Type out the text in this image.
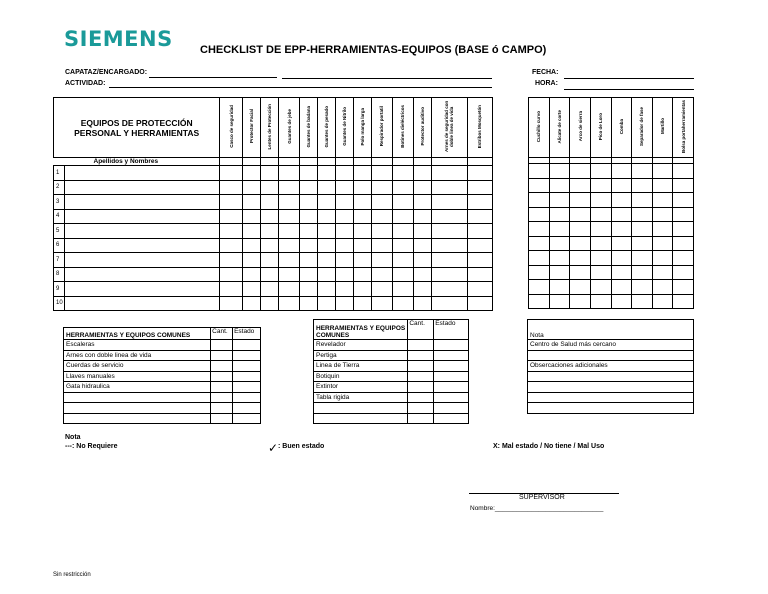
SIEMENS CHECKLIST DE EPP-HERRAMIENTAS-EQUIPOS (BASE ó CAMPO)
CAPATAZ/ENCARGADO:
ACTIVIDAD:
FECHA:
HORA:
EQUIPOS DE PROTECCIÓN PERSONAL Y HERRAMIENTAS		Casco de seguridad	Protector Facial	Lentes de Protección	Guantes de jebe	Guantes de badana	Guantes de pesado	Guantes de Nitrilo	Polo manga larga	Respirador portatil	Botines dieléctricos	Protector auditivo	Arnes de seguridad con doble linea de vida	Estribos Mosquetón
Apellidos y Nombres														
1														
2														
3														
4														
5														
6														
7														
8														
9														
10														
Cuchillo curvo	Alicate de corte	Arco de sierra	Pico de Loro	Comba	Separador de fase	Martillo	Bolsa portaherramientas

HERRAMIENTAS Y EQUIPOS COMUNES	Cant.	Estado
Escaleras		
Arnes con doble linea de vida		
Cuerdas de servicio		
Llaves manuales		
Gata hidraulica		

HERRAMIENTAS Y EQUIPOS COMUNES	Cant.	Estado
Revelador		
Pertiga		
Linea de Tierra		
Botiquin		
Extintor		
Tabla rigida		

Nota
Centro de Salud más cercano

Obsercaciones adicionales

Nota
---: No Requiere	✓ : Buen estado	X: Mal estado / No tiene / Mal Uso
SUPERVISOR
Nombre:______________________________
Sin restricción
